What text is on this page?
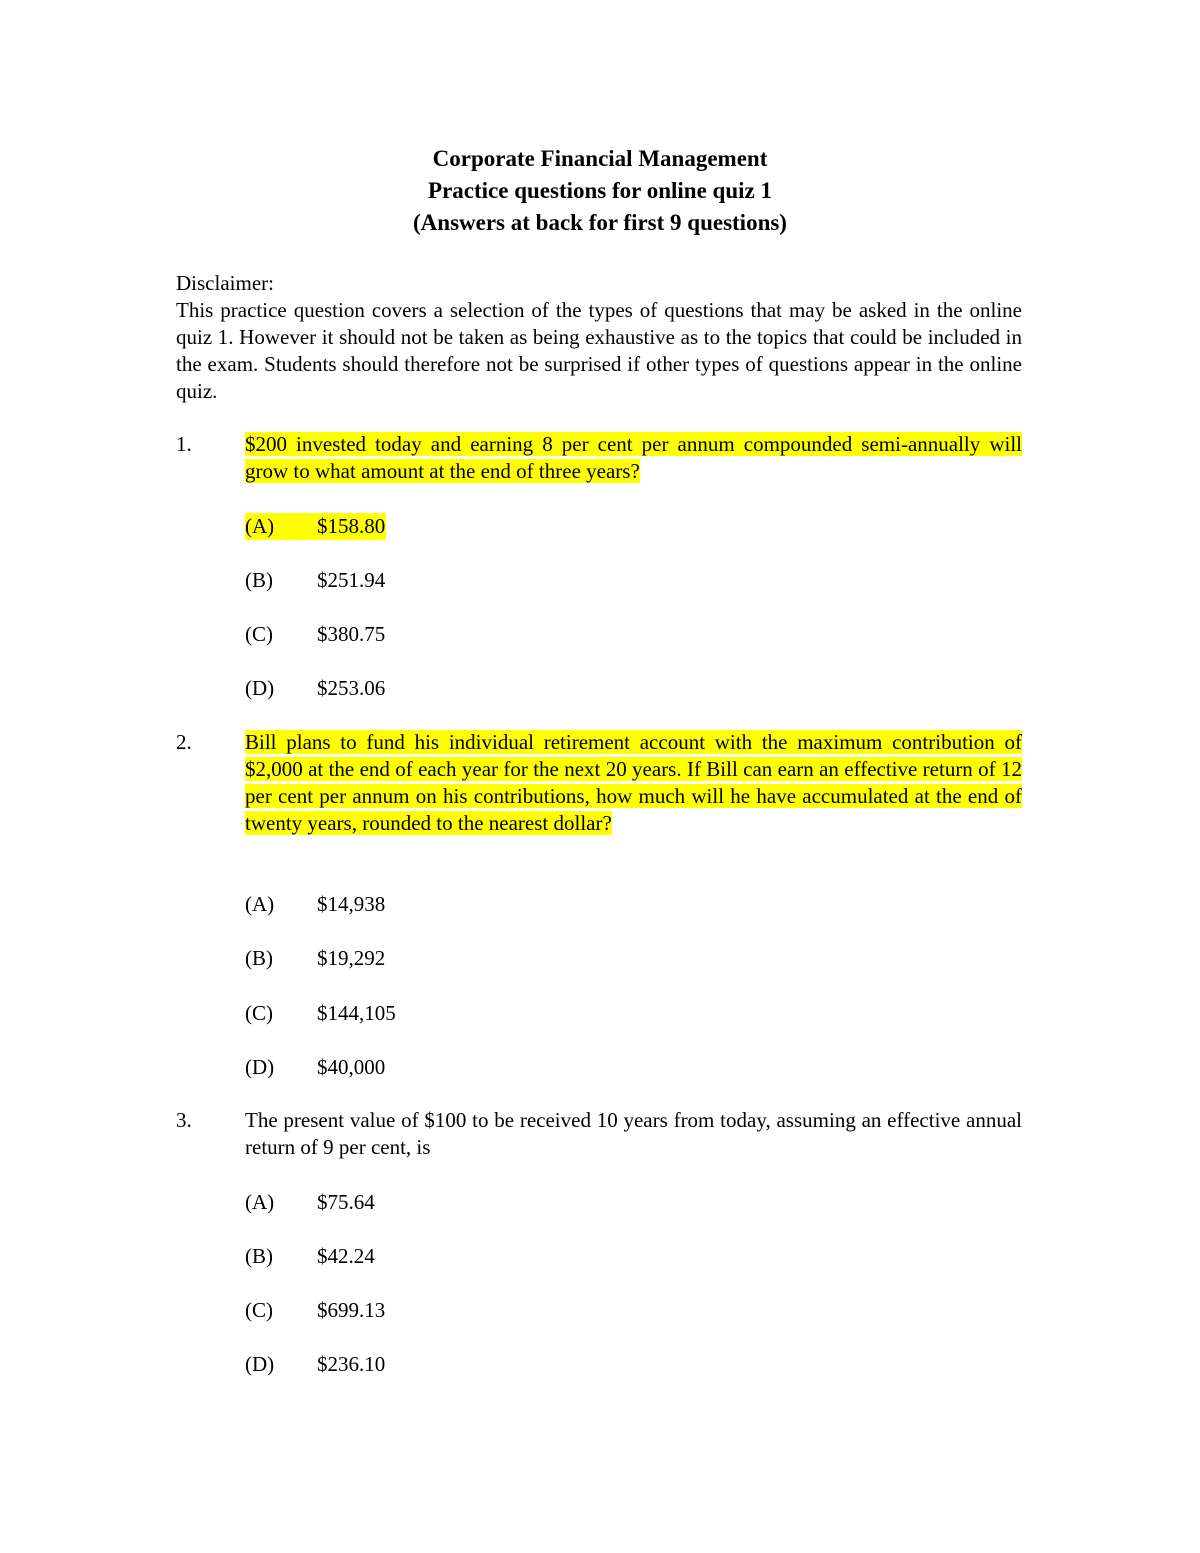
Corporate Financial Management
Practice questions for online quiz 1
(Answers at back for first 9 questions)
Disclaimer:
This practice question covers a selection of the types of questions that may be asked in the online quiz 1. However it should not be taken as being exhaustive as to the topics that could be included in the exam. Students should therefore not be surprised if other types of questions appear in the online quiz.
1.	$200 invested today and earning 8 per cent per annum compounded semi-annually will grow to what amount at the end of three years?
(A) $158.80
(B) $251.94
(C) $380.75
(D) $253.06
2.	Bill plans to fund his individual retirement account with the maximum contribution of $2,000 at the end of each year for the next 20 years. If Bill can earn an effective return of 12 per cent per annum on his contributions, how much will he have accumulated at the end of twenty years, rounded to the nearest dollar?
(A) $14,938
(B) $19,292
(C) $144,105
(D) $40,000
3.	The present value of $100 to be received 10 years from today, assuming an effective annual return of 9 per cent, is
(A) $75.64
(B) $42.24
(C) $699.13
(D) $236.10
